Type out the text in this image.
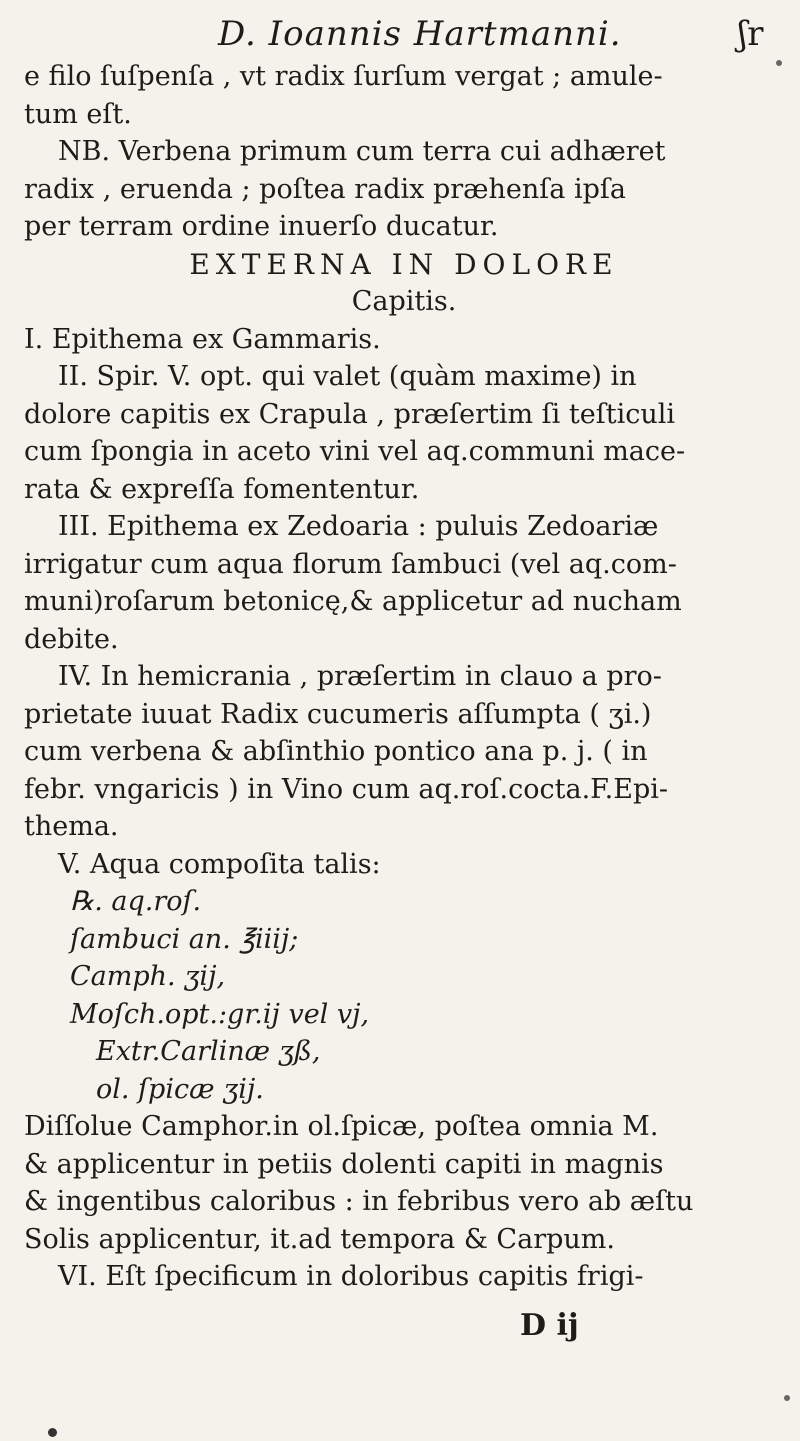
D. Ioannis Hartmanni.	ʃr
e filo ſuſpenſa , vt radix ſurſum vergat ; amule-
tum eſt.
NB. Verbena primum cum terra cui adhæret
radix , eruenda ; poſtea radix præhenſa ipſa
per terram ordine inuerſo ducatur.
EXTERNA IN DOLORE
Capitis.
I. Epithema ex Gammaris.
II. Spir. V. opt. qui valet (quàm maxime) in
dolore capitis ex Crapula , præſertim ſi teſticuli
cum ſpongia in aceto vini vel aq.communi mace-
rata & expreſſa fomententur.
III. Epithema ex Zedoaria : puluis Zedoariæ
irrigatur cum aqua florum ſambuci (vel aq.com-
muni)roſarum betonicę,& applicetur ad nucham
debite.
IV. In hemicrania , præſertim in clauo a pro-
prietate iuuat Radix cucumeris aſſumpta ( ʒi.)
cum verbena & abſinthio pontico ana p. j. ( in
febr. vngaricis ) in Vino cum aq.roſ.cocta.F.Epi-
thema.
V. Aqua compoſita talis:
℞. aq.roſ.
ſambuci an. ℥iiij;
Camph. ʒij,
Moſch.opt.:gr.ij vel vj,
Extr.Carlinæ ʒß,
ol. ſpicæ ʒij.
Diſſolue Camphor.in ol.ſpicæ, poſtea omnia M.
& applicentur in petiis dolenti capiti in magnis
& ingentibus caloribus : in febribus vero ab æſtu
Solis applicentur, it.ad tempora & Carpum.
VI. Eſt ſpecificum in doloribus capitis frigi-
D ij
